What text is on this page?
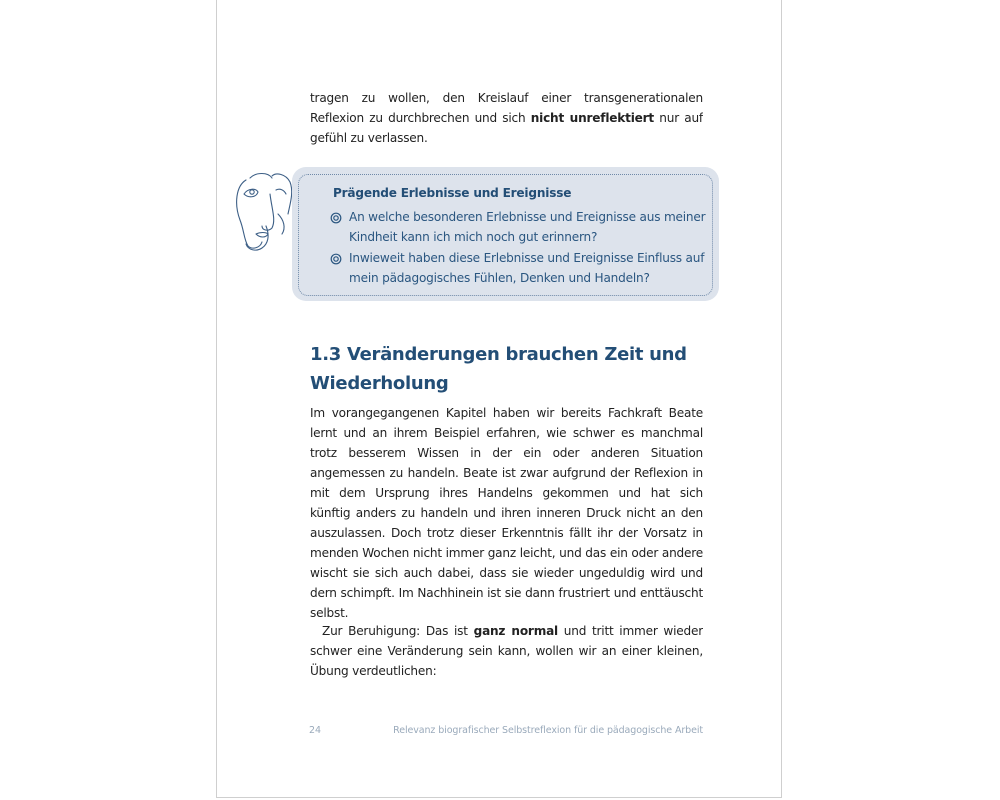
tragen zu wollen, den Kreislauf einer transgenerationalen
Reflexion zu durchbrechen und sich nicht unreflektiert nur auf
gefühl zu verlassen.
Prägende Erlebnisse und Ereignisse
An welche besonderen Erlebnisse und Ereignisse aus meiner
Kindheit kann ich mich noch gut erinnern?
Inwieweit haben diese Erlebnisse und Ereignisse Einfluss auf
mein pädagogisches Fühlen, Denken und Handeln?
1.3 Veränderungen brauchen Zeit und
Wiederholung
Im vorangegangenen Kapitel haben wir bereits Fachkraft Beate
lernt und an ihrem Beispiel erfahren, wie schwer es manchmal
trotz besserem Wissen in der ein oder anderen Situation
angemessen zu handeln. Beate ist zwar aufgrund der Reflexion in
mit dem Ursprung ihres Handelns gekommen und hat sich
künftig anders zu handeln und ihren inneren Druck nicht an den
auszulassen. Doch trotz dieser Erkenntnis fällt ihr der Vorsatz in
menden Wochen nicht immer ganz leicht, und das ein oder andere
wischt sie sich auch dabei, dass sie wieder ungeduldig wird und
dern schimpft. Im Nachhinein ist sie dann frustriert und enttäuscht
selbst.
Zur Beruhigung: Das ist ganz normal und tritt immer wieder
schwer eine Veränderung sein kann, wollen wir an einer kleinen,
Übung verdeutlichen:
24	Relevanz biografischer Selbstreflexion für die pädagogische Arbeit
